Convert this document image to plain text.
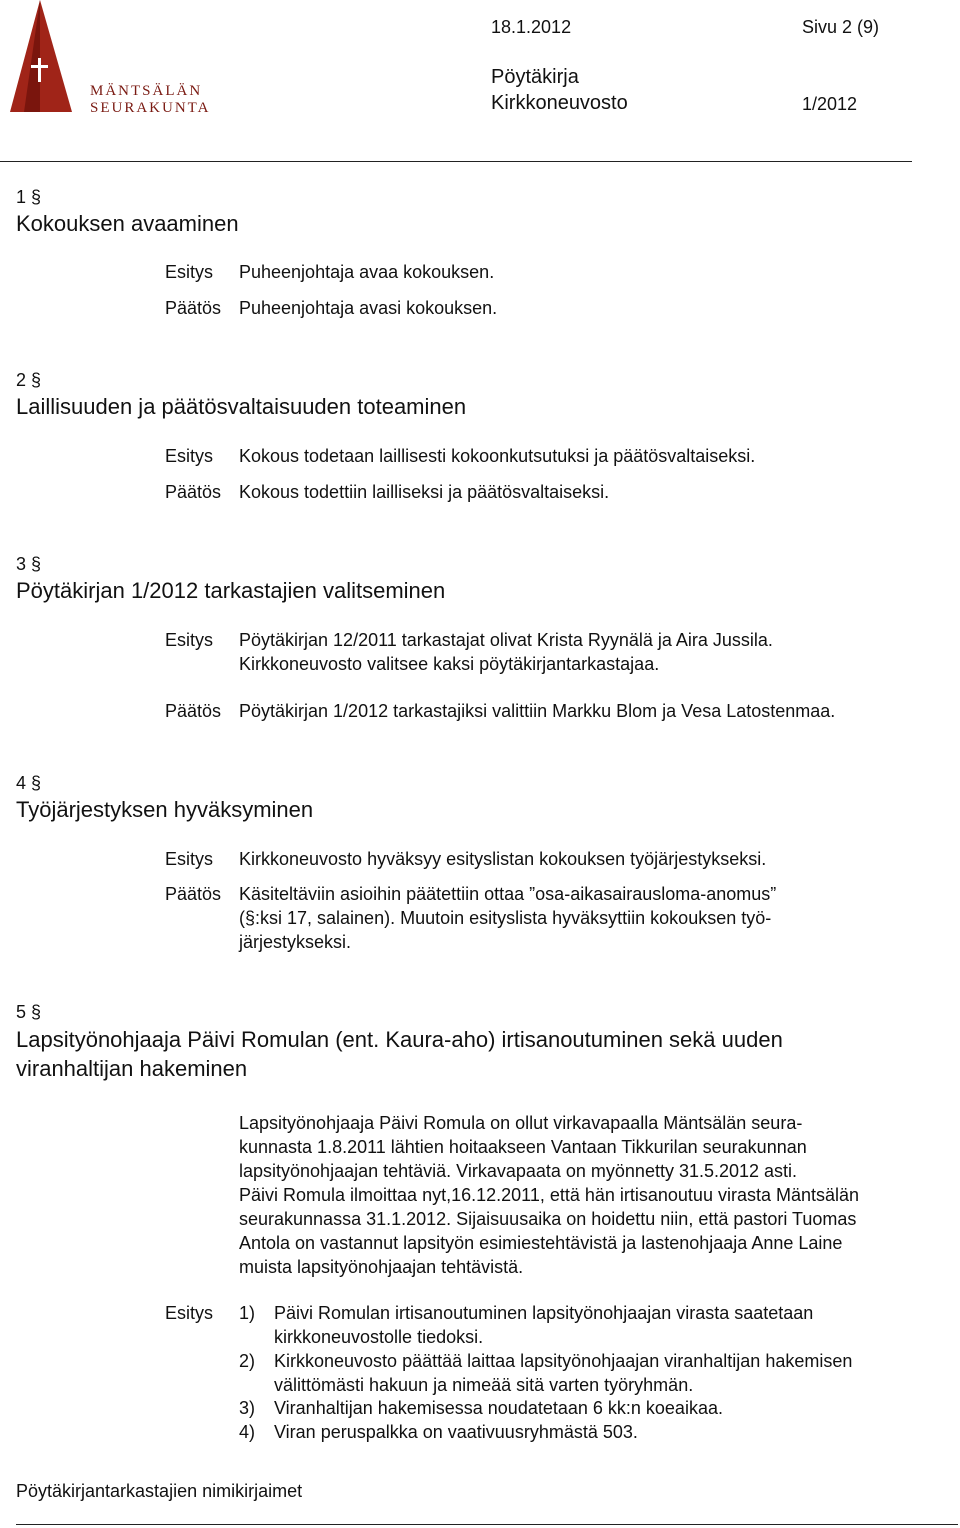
MÄNTSÄLÄN
SEURAKUNTA
18.1.2012	Sivu 2 (9)
Pöytäkirja
Kirkkoneuvosto	1/2012
1 §
Kokouksen avaaminen
Esitys Puheenjohtaja avaa kokouksen.
Päätös Puheenjohtaja avasi kokouksen.
2 §
Laillisuuden ja päätösvaltaisuuden toteaminen
Esitys Kokous todetaan laillisesti kokoonkutsutuksi ja päätösvaltaiseksi.
Päätös Kokous todettiin lailliseksi ja päätösvaltaiseksi.
3 §
Pöytäkirjan 1/2012 tarkastajien valitseminen
Esitys Pöytäkirjan 12/2011 tarkastajat olivat Krista Ryynälä ja Aira Jussila.
Kirkkoneuvosto valitsee kaksi pöytäkirjantarkastajaa.
Päätös Pöytäkirjan 1/2012 tarkastajiksi valittiin Markku Blom ja Vesa Latostenmaa.
4 §
Työjärjestyksen hyväksyminen
Esitys Kirkkoneuvosto hyväksyy esityslistan kokouksen työjärjestykseksi.
Päätös Käsiteltäviin asioihin päätettiin ottaa ”osa-aikasairausloma-anomus”
(§:ksi 17, salainen). Muutoin esityslista hyväksyttiin kokouksen työ-
järjestykseksi.
5 §
Lapsityönohjaaja Päivi Romulan (ent. Kaura-aho) irtisanoutuminen sekä uuden
viranhaltijan hakeminen
Lapsityönohjaaja Päivi Romula on ollut virkavapaalla Mäntsälän seura-
kunnasta 1.8.2011 lähtien hoitaakseen Vantaan Tikkurilan seurakunnan
lapsityönohjaajan tehtäviä. Virkavapaata on myönnetty 31.5.2012 asti.
Päivi Romula ilmoittaa nyt,16.12.2011, että hän irtisanoutuu virasta Mäntsälän
seurakunnassa 31.1.2012. Sijaisuusaika on hoidettu niin, että pastori Tuomas
Antola on vastannut lapsityön esimiestehtävistä ja lastenohjaaja Anne Laine
muista lapsityönohjaajan tehtävistä.
Esitys 1) Päivi Romulan irtisanoutuminen lapsityönohjaajan virasta saatetaan
kirkkoneuvostolle tiedoksi.
2) Kirkkoneuvosto päättää laittaa lapsityönohjaajan viranhaltijan hakemisen
välittömästi hakuun ja nimeää sitä varten työryhmän.
3) Viranhaltijan hakemisessa noudatetaan 6 kk:n koeaikaa.
4) Viran peruspalkka on vaativuusryhmästä 503.
Pöytäkirjantarkastajien nimikirjaimet
